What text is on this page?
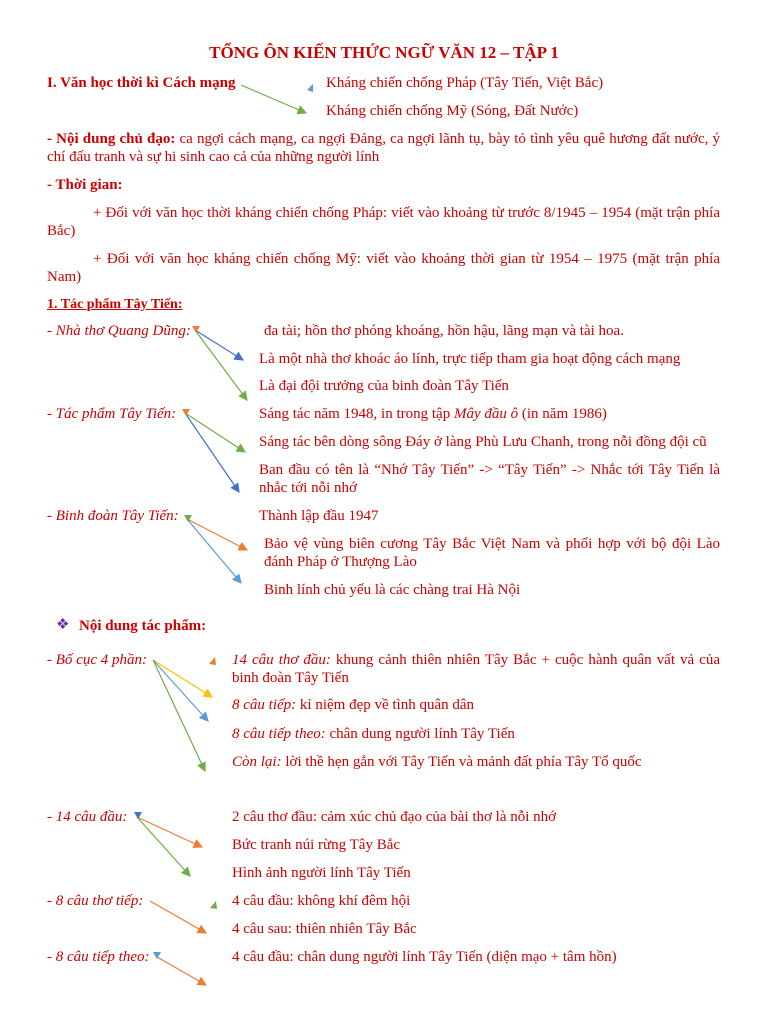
TỔNG ÔN KIẾN THỨC NGỮ VĂN 12 – TẬP 1
I. Văn học thời kì Cách mạng	Kháng chiến chống Pháp (Tây Tiến, Việt Bắc)
Kháng chiến chống Mỹ (Sóng, Đất Nước)
- Nội dung chủ đạo: ca ngợi cách mạng, ca ngợi Đảng, ca ngợi lãnh tụ, bày tỏ tình yêu quê hương đất nước, ý chí đấu tranh và sự hi sinh cao cả của những người lính
- Thời gian:
+ Đối với văn học thời kháng chiến chống Pháp: viết vào khoảng từ trước 8/1945 – 1954 (mặt trận phía Bắc)
+ Đối với văn học kháng chiến chống Mỹ: viết vào khoảng thời gian từ 1954 – 1975 (mặt trận phía Nam)
1. Tác phẩm Tây Tiến:
- Nhà thơ Quang Dũng:	đa tài; hồn thơ phóng khoáng, hồn hậu, lãng mạn và tài hoa.
Là một nhà thơ khoác áo lính, trực tiếp tham gia hoạt động cách mạng
Là đại đội trưởng của binh đoàn Tây Tiến
- Tác phẩm Tây Tiến:	Sáng tác năm 1948, in trong tập Mây đầu ô (in năm 1986)
Sáng tác bên dòng sông Đáy ở làng Phù Lưu Chanh, trong nỗi đồng đội cũ
Ban đầu có tên là “Nhớ Tây Tiến” -> “Tây Tiến” -> Nhắc tới Tây Tiến là nhắc tới nỗi nhớ
- Binh đoàn Tây Tiến:	Thành lập đầu 1947
Bảo vệ vùng biên cương Tây Bắc Việt Nam và phối hợp với bộ đội Lào đánh Pháp ở Thượng Lào
Binh lính chủ yếu là các chàng trai Hà Nội
❖ Nội dung tác phẩm:
- Bố cục 4 phần:	14 câu thơ đầu: khung cảnh thiên nhiên Tây Bắc + cuộc hành quân vất vả của binh đoàn Tây Tiến
8 câu tiếp: kỉ niệm đẹp về tình quân dân
8 câu tiếp theo: chân dung người lính Tây Tiến
Còn lại: lời thề hẹn gắn với Tây Tiến và mảnh đất phía Tây Tổ quốc
- 14 câu đầu:	2 câu thơ đầu: cảm xúc chủ đạo của bài thơ là nỗi nhớ
Bức tranh núi rừng Tây Bắc
Hình ảnh người lính Tây Tiến
- 8 câu thơ tiếp:	4 câu đầu: không khí đêm hội
4 câu sau: thiên nhiên Tây Bắc
- 8 câu tiếp theo:	4 câu đầu: chân dung người lính Tây Tiến (diện mạo + tâm hồn)
